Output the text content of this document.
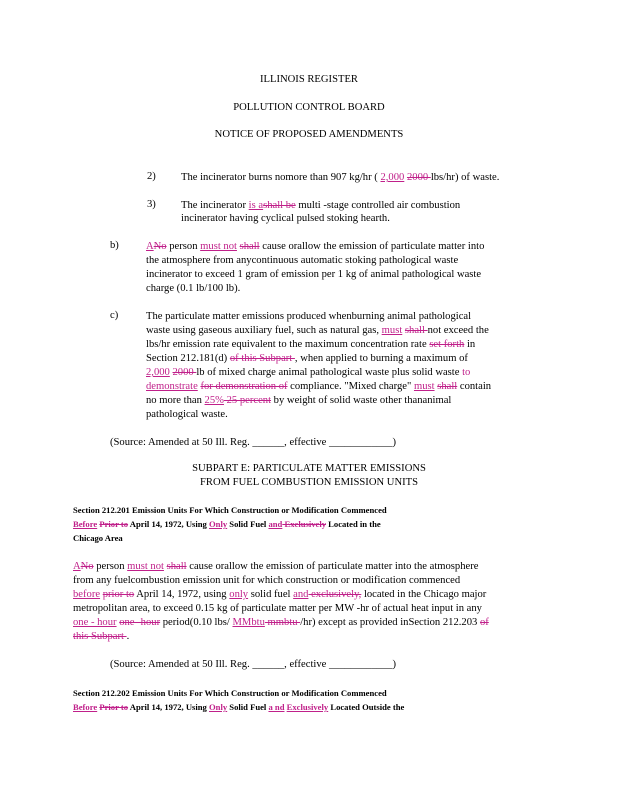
ILLINOIS REGISTER
POLLUTION CONTROL BOARD
NOTICE OF PROPOSED AMENDMENTS
2) The incinerator burns nomore than 907 kg/hr ( 2,000 2000 lbs/hr) of waste.
3) The incinerator is ashall be multi -stage controlled air combustion
incinerator having cyclical pulsed stoking hearth.
b)	ANo person must not shall cause orallow the emission of particulate matter into
the atmosphere from anycontinuous automatic stoking pathological waste
incinerator to exceed 1 gram of emission per 1 kg of animal pathological waste
charge (0.1 lb/100 lb).
c)	The particulate matter emissions produced whenburning animal pathological
waste using gaseous auxiliary fuel, such as natural gas, must shall not exceed the
lbs/hr emission rate equivalent to the maximum concentration rate set forth in
Section 212.181(d) of this Subpart , when applied to burning a maximum of
2,000 2000 lb of mixed charge animal pathological waste plus solid waste to
demonstrate for demonstration of compliance. "Mixed charge" must shall contain
no more than 25% 25 percent by weight of solid waste other thananimal
pathological waste.
(Source: Amended at 50 Ill. Reg. ______, effective ____________)
SUBPART E: PARTICULATE MATTER EMISSIONS
FROM FUEL COMBUSTION EMISSION UNITS
Section 212.201 Emission Units For Which Construction or Modification Commenced
Before Prior to April 14, 1972, Using Only Solid Fuel and Exclusively Located in the
Chicago Area
ANo person must not shall cause orallow the emission of particulate matter into the atmosphere
from any fuelcombustion emission unit for which construction or modification commenced
before prior to April 14, 1972, using only solid fuel and exclusively, located in the Chicago major
metropolitan area, to exceed 0.15 kg of particulate matter per MW -hr of actual heat input in any
one - hour one- hour period(0.10 lbs/ MMbtu mmbtu /hr) except as provided inSection 212.203 of
this Subpart .
(Source: Amended at 50 Ill. Reg. ______, effective ____________)
Section 212.202 Emission Units For Which Construction or Modification Commenced
Before Prior to April 14, 1972, Using Only Solid Fuel a nd Exclusively Located Outside the
